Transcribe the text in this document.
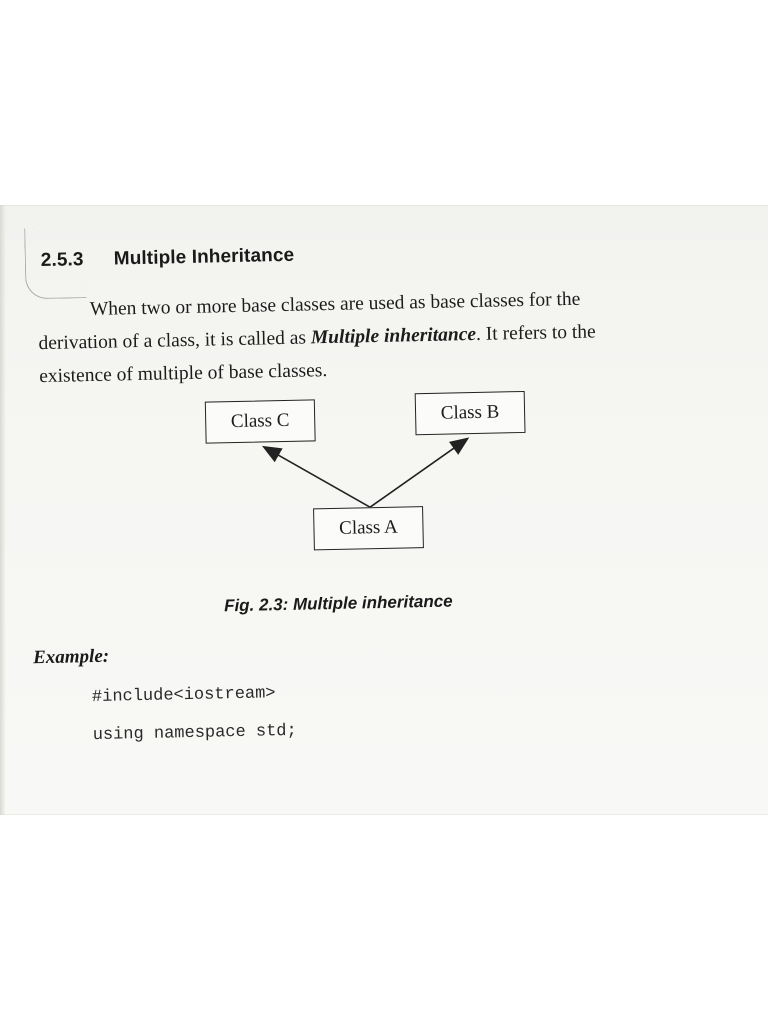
2.5.3 Multiple Inheritance
When two or more base classes are used as base classes for the
derivation of a class, it is called as Multiple inheritance. It refers to the
existence of multiple of base classes.
Class C	Class B
Class A
Fig. 2.3: Multiple inheritance
Example:
#include<iostream>
using namespace std;
